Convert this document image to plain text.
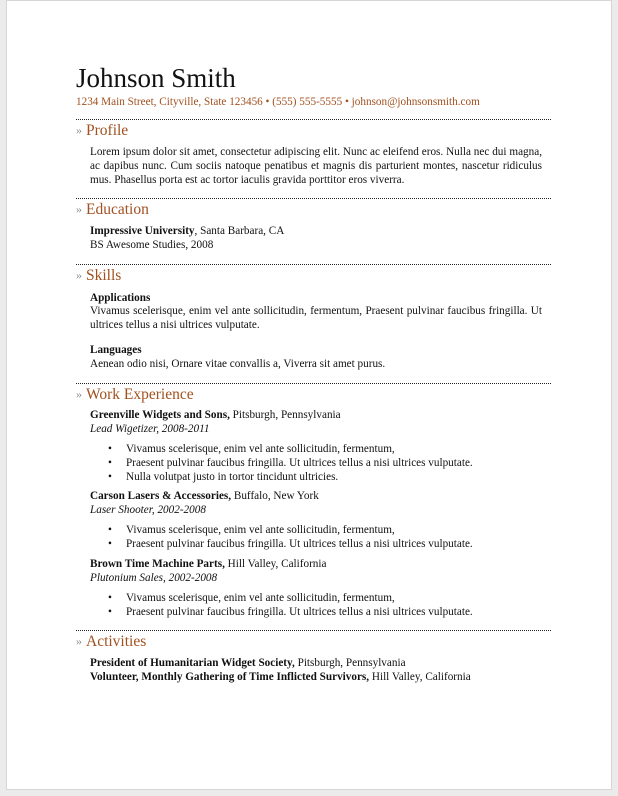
Johnson Smith
1234 Main Street, Cityville, State 123456 • (555) 555-5555 • johnson@johnsonsmith.com
» Profile
Lorem ipsum dolor sit amet, consectetur adipiscing elit. Nunc ac eleifend eros. Nulla nec dui magna, ac dapibus nunc. Cum sociis natoque penatibus et magnis dis parturient montes, nascetur ridiculus mus. Phasellus porta est ac tortor iaculis gravida porttitor eros viverra.
» Education
Impressive University, Santa Barbara, CA
BS Awesome Studies, 2008
» Skills
Applications
Vivamus scelerisque, enim vel ante sollicitudin, fermentum, Praesent pulvinar faucibus fringilla. Ut ultrices tellus a nisi ultrices vulputate.
Languages
Aenean odio nisi, Ornare vitae convallis a, Viverra sit amet purus.
» Work Experience
Greenville Widgets and Sons, Pitsburgh, Pennsylvania
Lead Wigetizer, 2008-2011
• Vivamus scelerisque, enim vel ante sollicitudin, fermentum,
• Praesent pulvinar faucibus fringilla. Ut ultrices tellus a nisi ultrices vulputate.
• Nulla volutpat justo in tortor tincidunt ultricies.
Carson Lasers & Accessories, Buffalo, New York
Laser Shooter, 2002-2008
• Vivamus scelerisque, enim vel ante sollicitudin, fermentum,
• Praesent pulvinar faucibus fringilla. Ut ultrices tellus a nisi ultrices vulputate.
Brown Time Machine Parts, Hill Valley, California
Plutonium Sales, 2002-2008
• Vivamus scelerisque, enim vel ante sollicitudin, fermentum,
• Praesent pulvinar faucibus fringilla. Ut ultrices tellus a nisi ultrices vulputate.
» Activities
President of Humanitarian Widget Society, Pitsburgh, Pennsylvania
Volunteer, Monthly Gathering of Time Inflicted Survivors, Hill Valley, California
